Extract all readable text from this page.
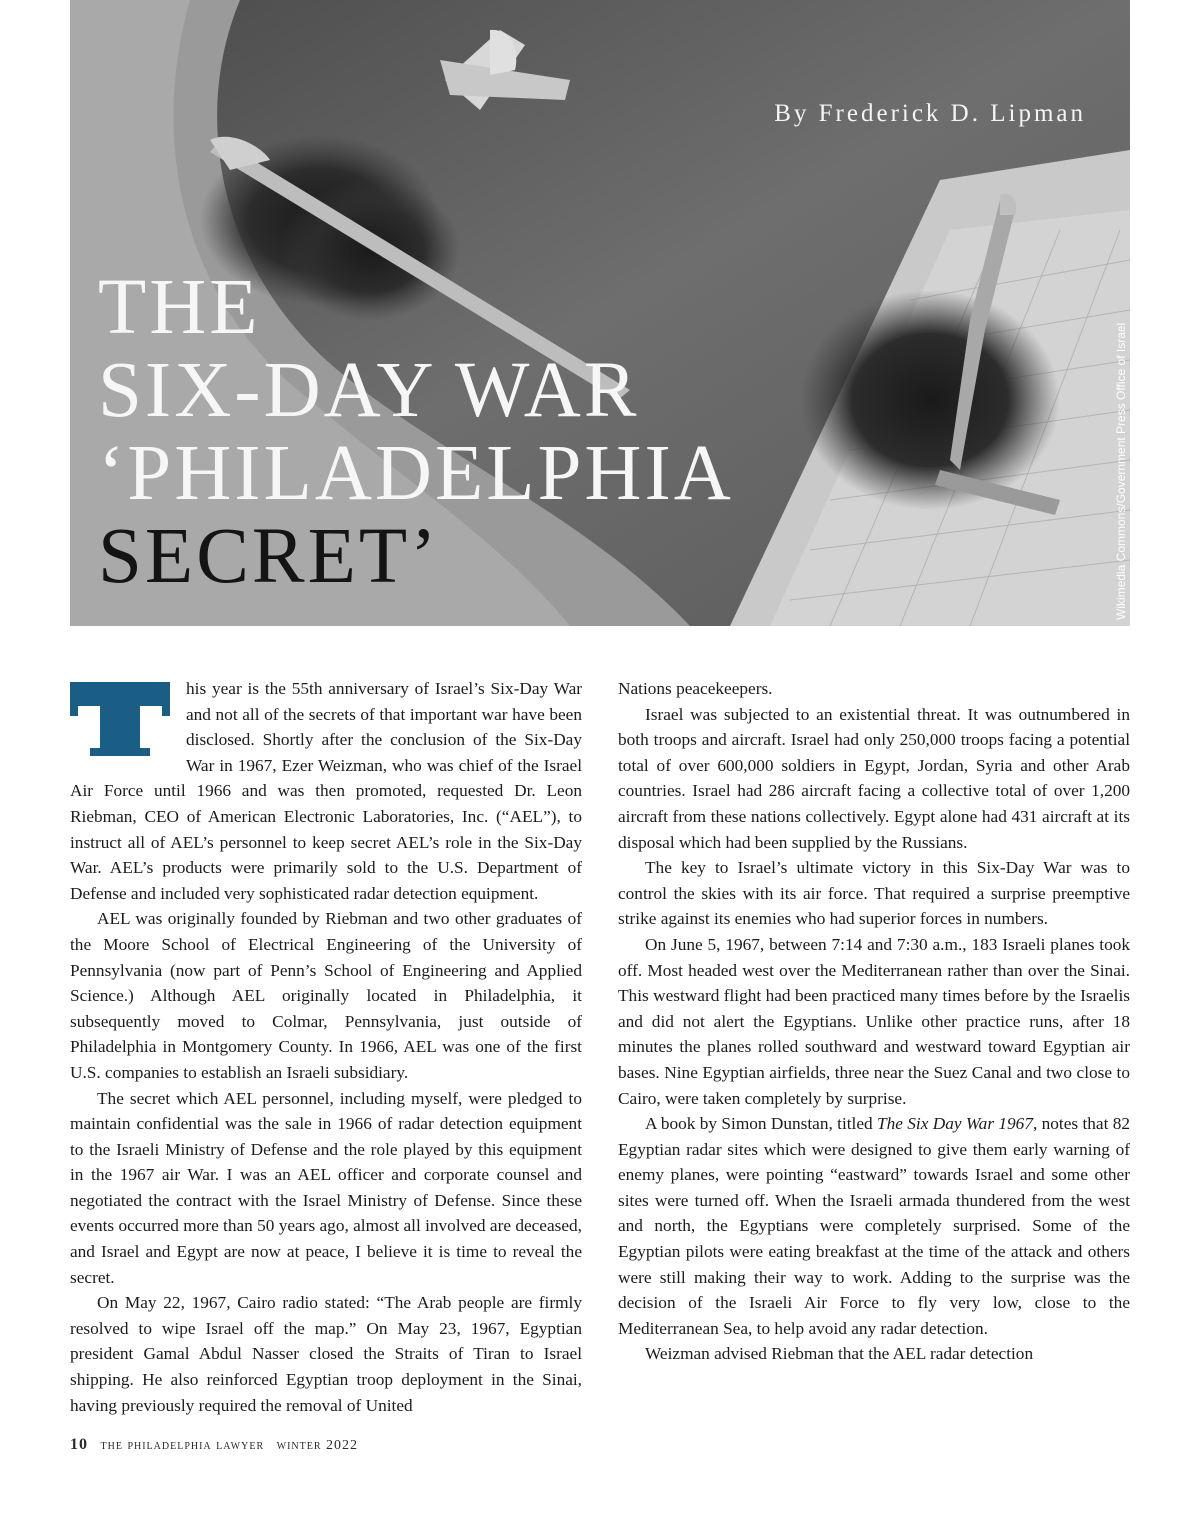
By Frederick D. Lipman
Wikimedia Commons/Government Press Office of Israel
THE
SIX-DAY WAR
‘PHILADELPHIA
SECRET’

his year is the 55th anniversary of Israel’s Six-Day War and not all of the secrets of that important war have been disclosed. Shortly after the conclusion of the Six-Day War in 1967, Ezer Weizman, who was chief of the Israel Air Force until 1966 and was then promoted, requested Dr. Leon Riebman, CEO of American Electronic Laboratories, Inc. (“AEL”), to instruct all of AEL’s personnel to keep secret AEL’s role in the Six-Day War. AEL’s products were primarily sold to the U.S. Department of Defense and included very sophisticated radar detection equipment.

AEL was originally founded by Riebman and two other graduates of the Moore School of Electrical Engineering of the University of Pennsylvania (now part of Penn’s School of Engineering and Applied Science.) Although AEL originally located in Philadelphia, it subsequently moved to Colmar, Pennsylvania, just outside of Philadelphia in Montgomery County. In 1966, AEL was one of the first U.S. companies to establish an Israeli subsidiary.

The secret which AEL personnel, including myself, were pledged to maintain confidential was the sale in 1966 of radar detection equipment to the Israeli Ministry of Defense and the role played by this equipment in the 1967 air War. I was an AEL officer and corporate counsel and negotiated the contract with the Israel Ministry of Defense. Since these events occurred more than 50 years ago, almost all involved are deceased, and Israel and Egypt are now at peace, I believe it is time to reveal the secret.

On May 22, 1967, Cairo radio stated: “The Arab people are firmly resolved to wipe Israel off the map.” On May 23, 1967, Egyptian president Gamal Abdul Nasser closed the Straits of Tiran to Israel shipping. He also reinforced Egyptian troop deployment in the Sinai, having previously required the removal of United

Nations peacekeepers.

Israel was subjected to an existential threat. It was outnumbered in both troops and aircraft. Israel had only 250,000 troops facing a potential total of over 600,000 soldiers in Egypt, Jordan, Syria and other Arab countries. Israel had 286 aircraft facing a collective total of over 1,200 aircraft from these nations collectively. Egypt alone had 431 aircraft at its disposal which had been supplied by the Russians.

The key to Israel’s ultimate victory in this Six-Day War was to control the skies with its air force. That required a surprise preemptive strike against its enemies who had superior forces in numbers.

On June 5, 1967, between 7:14 and 7:30 a.m., 183 Israeli planes took off. Most headed west over the Mediterranean rather than over the Sinai. This westward flight had been practiced many times before by the Israelis and did not alert the Egyptians. Unlike other practice runs, after 18 minutes the planes rolled southward and westward toward Egyptian air bases. Nine Egyptian airfields, three near the Suez Canal and two close to Cairo, were taken completely by surprise.

A book by Simon Dunstan, titled The Six Day War 1967, notes that 82 Egyptian radar sites which were designed to give them early warning of enemy planes, were pointing “eastward” towards Israel and some other sites were turned off. When the Israeli armada thundered from the west and north, the Egyptians were completely surprised. Some of the Egyptian pilots were eating breakfast at the time of the attack and others were still making their way to work. Adding to the surprise was the decision of the Israeli Air Force to fly very low, close to the Mediterranean Sea, to help avoid any radar detection.

Weizman advised Riebman that the AEL radar detection

10 the philadelphia lawyer winter 2022
